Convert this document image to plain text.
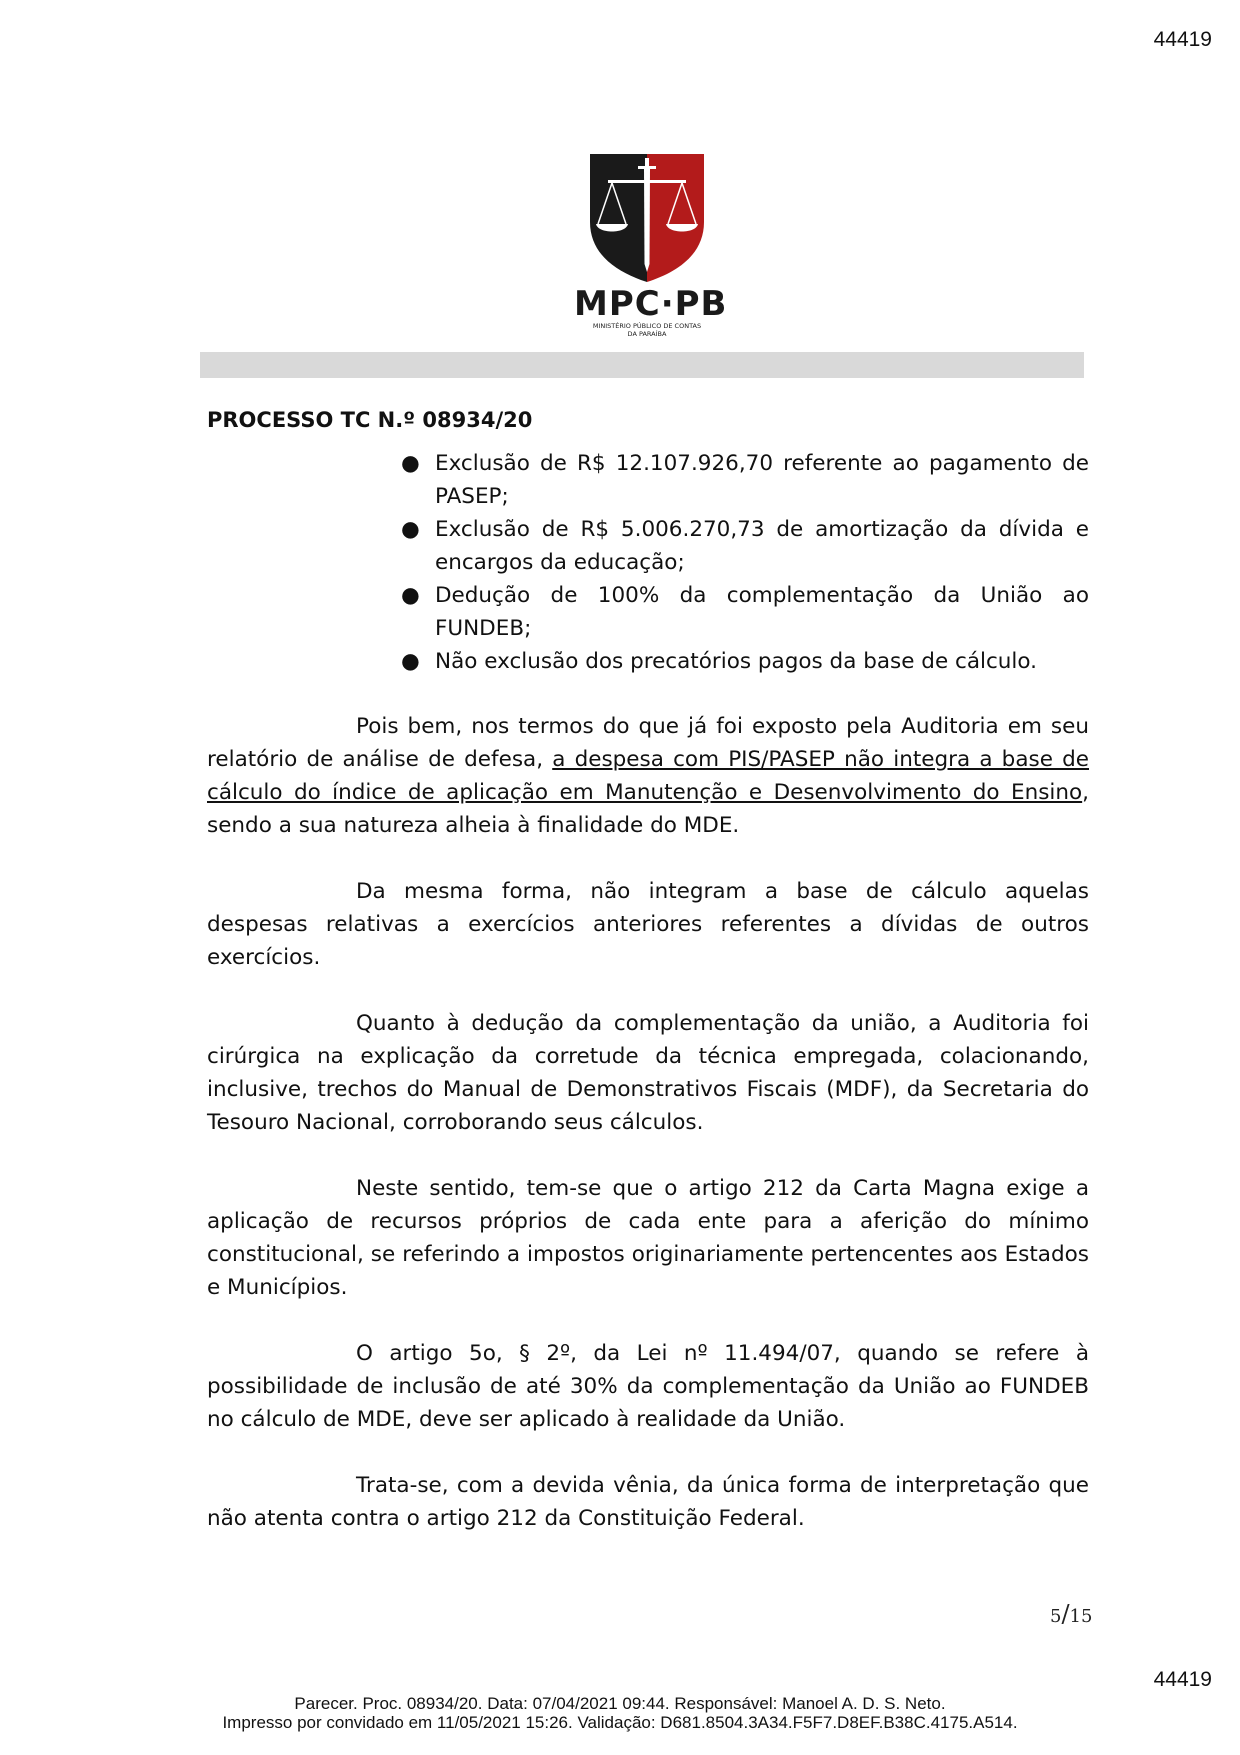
44419
MPC·PB
MINISTÉRIO PÚBLICO DE CONTAS
DA PARAÍBA
PROCESSO TC N.º 08934/20
● Exclusão de R$ 12.107.926,70 referente ao pagamento de PASEP;
● Exclusão de R$ 5.006.270,73 de amortização da dívida e encargos da educação;
● Dedução de 100% da complementação da União ao FUNDEB;
● Não exclusão dos precatórios pagos da base de cálculo.

Pois bem, nos termos do que já foi exposto pela Auditoria em seu relatório de análise de defesa, a despesa com PIS/PASEP não integra a base de cálculo do índice de aplicação em Manutenção e Desenvolvimento do Ensino, sendo a sua natureza alheia à finalidade do MDE.

Da mesma forma, não integram a base de cálculo aquelas despesas relativas a exercícios anteriores referentes a dívidas de outros exercícios.

Quanto à dedução da complementação da união, a Auditoria foi cirúrgica na explicação da corretude da técnica empregada, colacionando, inclusive, trechos do Manual de Demonstrativos Fiscais (MDF), da Secretaria do Tesouro Nacional, corroborando seus cálculos.

Neste sentido, tem-se que o artigo 212 da Carta Magna exige a aplicação de recursos próprios de cada ente para a aferição do mínimo constitucional, se referindo a impostos originariamente pertencentes aos Estados e Municípios.

O artigo 5o, § 2º, da Lei nº 11.494/07, quando se refere à possibilidade de inclusão de até 30% da complementação da União ao FUNDEB no cálculo de MDE, deve ser aplicado à realidade da União.

Trata-se, com a devida vênia, da única forma de interpretação que não atenta contra o artigo 212 da Constituição Federal.

5/15
44419
Parecer. Proc. 08934/20. Data: 07/04/2021 09:44. Responsável: Manoel A. D. S. Neto.
Impresso por convidado em 11/05/2021 15:26. Validação: D681.8504.3A34.F5F7.D8EF.B38C.4175.A514.
